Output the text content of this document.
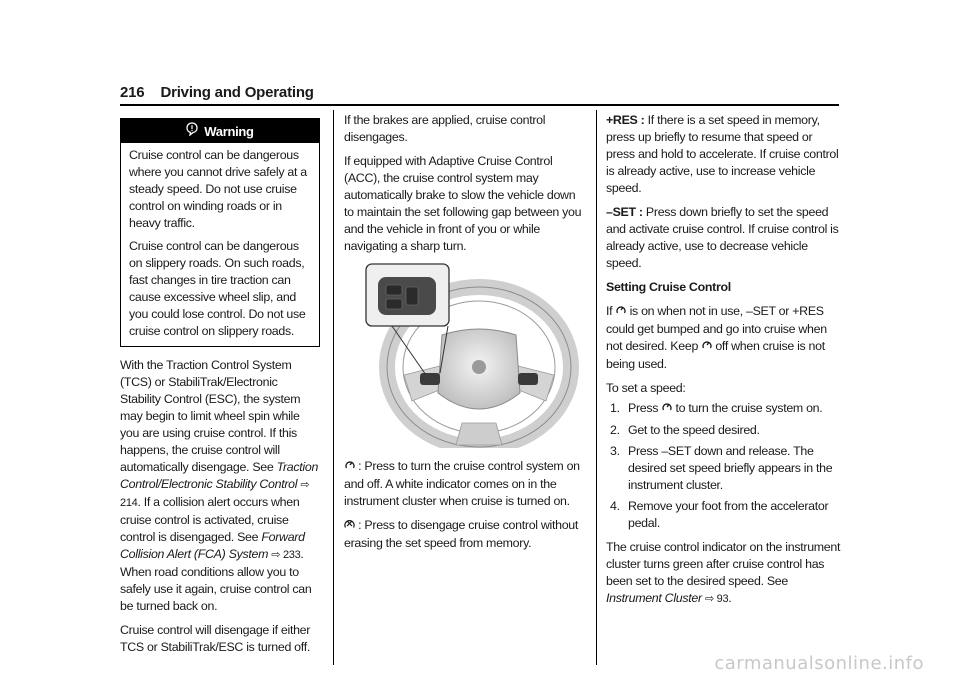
216 Driving and Operating
Warning

Cruise control can be dangerous where you cannot drive safely at a steady speed. Do not use cruise control on winding roads or in heavy traffic.

Cruise control can be dangerous on slippery roads. On such roads, fast changes in tire traction can cause excessive wheel slip, and you could lose control. Do not use cruise control on slippery roads.

With the Traction Control System (TCS) or StabiliTrak/Electronic Stability Control (ESC), the system may begin to limit wheel spin while you are using cruise control. If this happens, the cruise control will automatically disengage. See Traction Control/Electronic Stability Control ⇨ 214. If a collision alert occurs when cruise control is activated, cruise control is disengaged. See Forward Collision Alert (FCA) System ⇨ 233. When road conditions allow you to safely use it again, cruise control can be turned back on.

Cruise control will disengage if either TCS or StabiliTrak/ESC is turned off.

If the brakes are applied, cruise control disengages.

If equipped with Adaptive Cruise Control (ACC), the cruise control system may automatically brake to slow the vehicle down to maintain the set following gap between you and the vehicle in front of you or while navigating a sharp turn.

: Press to turn the cruise control system on and off. A white indicator comes on in the instrument cluster when cruise is turned on.

: Press to disengage cruise control without erasing the set speed from memory.

+RES : If there is a set speed in memory, press up briefly to resume that speed or press and hold to accelerate. If cruise control is already active, use to increase vehicle speed.

–SET : Press down briefly to set the speed and activate cruise control. If cruise control is already active, use to decrease vehicle speed.

Setting Cruise Control

If  is on when not in use, –SET or +RES could get bumped and go into cruise when not desired. Keep  off when cruise is not being used.

To set a speed:

1. Press  to turn the cruise system on.
2. Get to the speed desired.
3. Press –SET down and release. The desired set speed briefly appears in the instrument cluster.
4. Remove your foot from the accelerator pedal.

The cruise control indicator on the instrument cluster turns green after cruise control has been set to the desired speed. See Instrument Cluster ⇨ 93.

carmanualsonline.info
